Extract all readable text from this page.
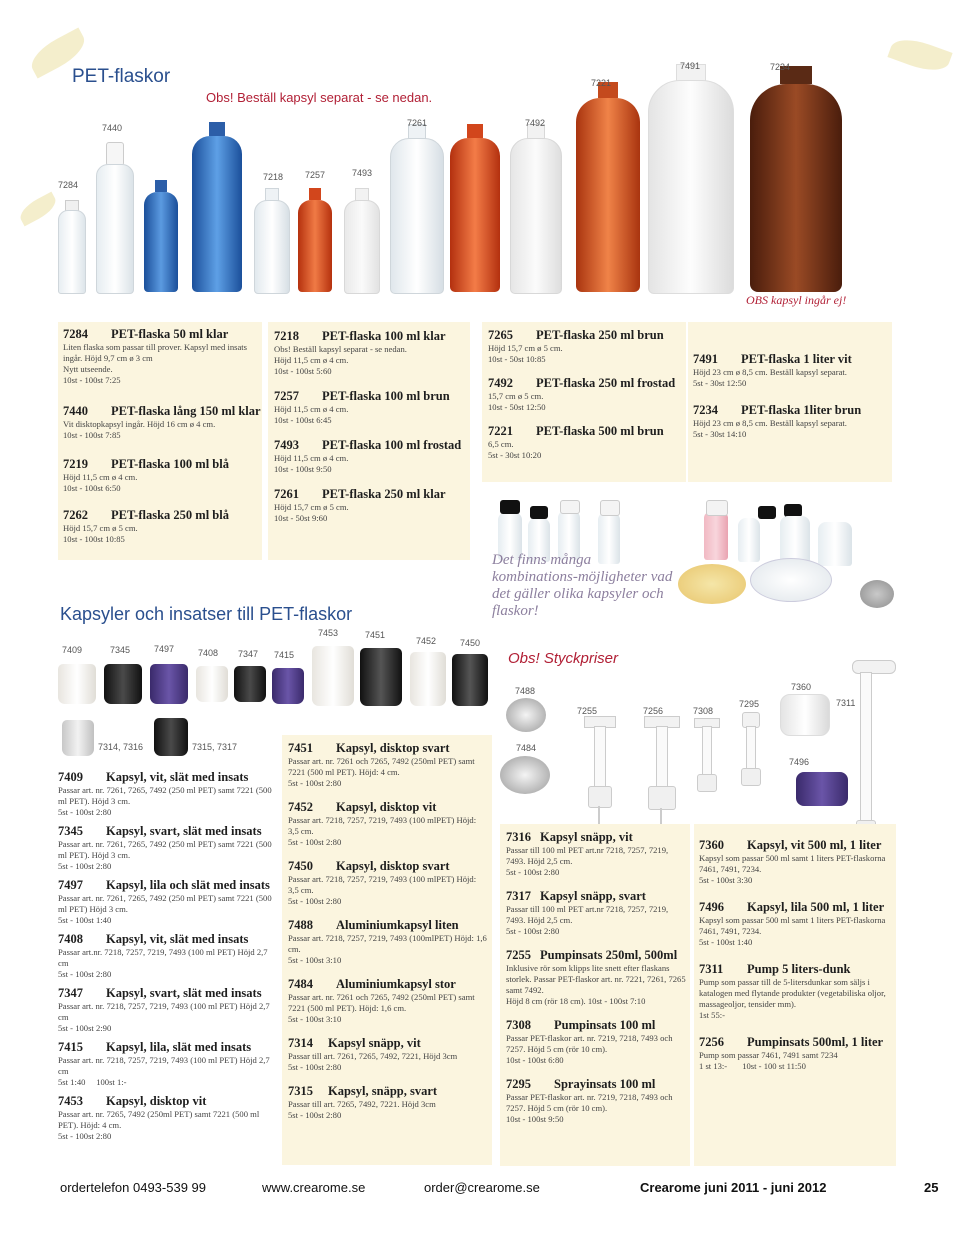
PET-flaskor
Obs! Beställ kapsyl separat - se nedan.
7284
7440
7218 7257	7493
7261	7492
7221
7491	7234
OBS kapsyl ingår ej!
7284 PET-flaska 50 ml klar
Liten flaska som passar till prover. Kapsyl med insats ingår. Höjd 9,7 cm ø 3 cm
Nytt utseende.
10st - 100st 7:25
7440 PET-flaska lång 150 ml klar
Vit disktopkapsyl ingår. Höjd 16 cm ø 4 cm.
10st - 100st 7:85
7219 PET-flaska 100 ml blå
Höjd 11,5 cm ø 4 cm.
10st - 100st 6:50
7262 PET-flaska 250 ml blå
Höjd 15,7 cm ø 5 cm.
10st - 100st 10:85
7218 PET-flaska 100 ml klar
Obs! Beställ kapsyl separat - se nedan.
Höjd 11,5 cm ø 4 cm.
10st - 100st 5:60
7257 PET-flaska 100 ml brun
Höjd 11,5 cm ø 4 cm.
10st - 100st 6:45
7493 PET-flaska 100 ml frostad
Höjd 11,5 cm ø 4 cm.
10st - 100st 9:50
7261 PET-flaska 250 ml klar
Höjd 15,7 cm ø 5 cm.
10st - 50st 9:60
7265 PET-flaska 250 ml brun
Höjd 15,7 cm ø 5 cm.
10st - 50st 10:85
7492 PET-flaska 250 ml frostad
15,7 cm ø 5 cm.
10st - 50st 12:50
7221 PET-flaska 500 ml brun
6,5 cm.
5st - 30st 10:20
7491 PET-flaska 1 liter vit
Höjd 23 cm ø 8,5 cm. Beställ kapsyl separat.
5st - 30st 12:50
7234 PET-flaska 1liter brun
Höjd 23 cm ø 8,5 cm. Beställ kapsyl separat.
5st - 30st 14:10
Det finns många kombinations-möjligheter vad det gäller olika kapsyler och flaskor!
Kapsyler och insatser till PET-flaskor
7409	7345	7497	7408 7347 7415
7453	7451
7452	7450
7314, 7316	7315, 7317
Obs! Styckpriser
7488
7484
7255	7256	7308
7295
7360
7496
7311
7409 Kapsyl, vit, slät med insats
Passar art. nr. 7261, 7265, 7492 (250 ml PET) samt 7221 (500 ml PET). Höjd 3 cm.
5st - 100st 2:80
7345 Kapsyl, svart, slät med insats
Passar art. nr. 7261, 7265, 7492 (250 ml PET) samt 7221 (500 ml PET). Höjd 3 cm.
5st - 100st 2:80
7497 Kapsyl, lila och slät med insats
Passar art. nr. 7261, 7265, 7492 (250 ml PET) samt 7221 (500 ml PET) Höjd 3 cm.
5st - 100st 1:40
7408 Kapsyl, vit, slät med insats
Passar art.nr. 7218, 7257, 7219, 7493 (100 ml PET) Höjd 2,7 cm
5st - 100st 2:80
7347 Kapsyl, svart, slät med insats
Passar art. nr. 7218, 7257, 7219, 7493 (100 ml PET) Höjd 2,7 cm
5st - 100st 2:90
7415 Kapsyl, lila, slät med insats
Passar art. nr. 7218, 7257, 7219, 7493 (100 ml PET) Höjd 2,7 cm
5st 1:40     100st 1:-
7453 Kapsyl, disktop vit
Passar art. nr. 7265, 7492 (250ml PET) samt 7221 (500 ml PET). Höjd: 4 cm.
5st - 100st 2:80
7451 Kapsyl, disktop svart
Passar art. nr. 7261 och 7265, 7492 (250ml PET) samt 7221 (500 ml PET). Höjd: 4 cm.
5st - 100st 2:80
7452 Kapsyl, disktop vit
Passar art. 7218, 7257, 7219, 7493 (100 mlPET) Höjd: 3,5 cm.
5st - 100st 2:80
7450 Kapsyl, disktop svart
Passar art. 7218, 7257, 7219, 7493 (100 mlPET) Höjd: 3,5 cm.
5st - 100st 2:80
7488 Aluminiumkapsyl liten
Passar art. 7218, 7257, 7219, 7493 (100mlPET) Höjd: 1,6 cm.
5st - 100st 3:10
7484 Aluminiumkapsyl stor
Passar art. nr. 7261 och 7265, 7492 (250ml PET) samt 7221 (500 ml PET). Höjd: 1,6 cm.
5st - 100st 3:10
7314 Kapsyl snäpp, vit
Passar till art. 7261, 7265, 7492, 7221, Höjd 3cm
5st - 100st 2:80
7315 Kapsyl, snäpp, svart
Passar till art. 7265, 7492, 7221. Höjd 3cm
5st - 100st 2:80
7316 Kapsyl snäpp, vit
Passar till 100 ml PET art.nr 7218, 7257, 7219, 7493. Höjd 2,5 cm.
5st - 100st 2:80
7317 Kapsyl snäpp, svart
Passar till 100 ml PET art.nr 7218, 7257, 7219, 7493. Höjd 2,5 cm.
5st - 100st 2:80
7255 Pumpinsats 250ml, 500ml
Inklusive rör som klipps lite snett efter flaskans storlek. Passar PET-flaskor art. nr. 7221, 7261, 7265 samt 7492.
Höjd 8 cm (rör 18 cm). 10st - 100st 7:10
7308 Pumpinsats 100 ml
Passar PET-flaskor art. nr. 7219, 7218, 7493 och 7257. Höjd 5 cm (rör 10 cm).
10st - 100st 6:80
7295 Sprayinsats 100 ml
Passar PET-flaskor art. nr. 7219, 7218, 7493 och 7257. Höjd 5 cm (rör 10 cm).
10st - 100st 9:50
7360 Kapsyl, vit 500 ml, 1 liter
Kapsyl som passar 500 ml samt 1 liters PET-flaskorna 7461, 7491, 7234.
5st - 100st 3:30
7496 Kapsyl, lila 500 ml, 1 liter
Kapsyl som passar 500 ml samt 1 liters PET-flaskorna 7461, 7491, 7234.
5st - 100st 1:40
7311 Pump 5 liters-dunk
Pump som passar till de 5-litersdunkar som säljs i katalogen med flytande produkter (vegetabiliska oljor, massageoljor, tensider mm).
1st 55:-
7256 Pumpinsats 500ml, 1 liter
Pump som passar 7461, 7491 samt 7234
1 st 13:-       10st - 100 st 11:50
ordertelefon 0493-539 99	www.crearome.se	order@crearome.se	Crearome juni 2011 - juni 2012	25
